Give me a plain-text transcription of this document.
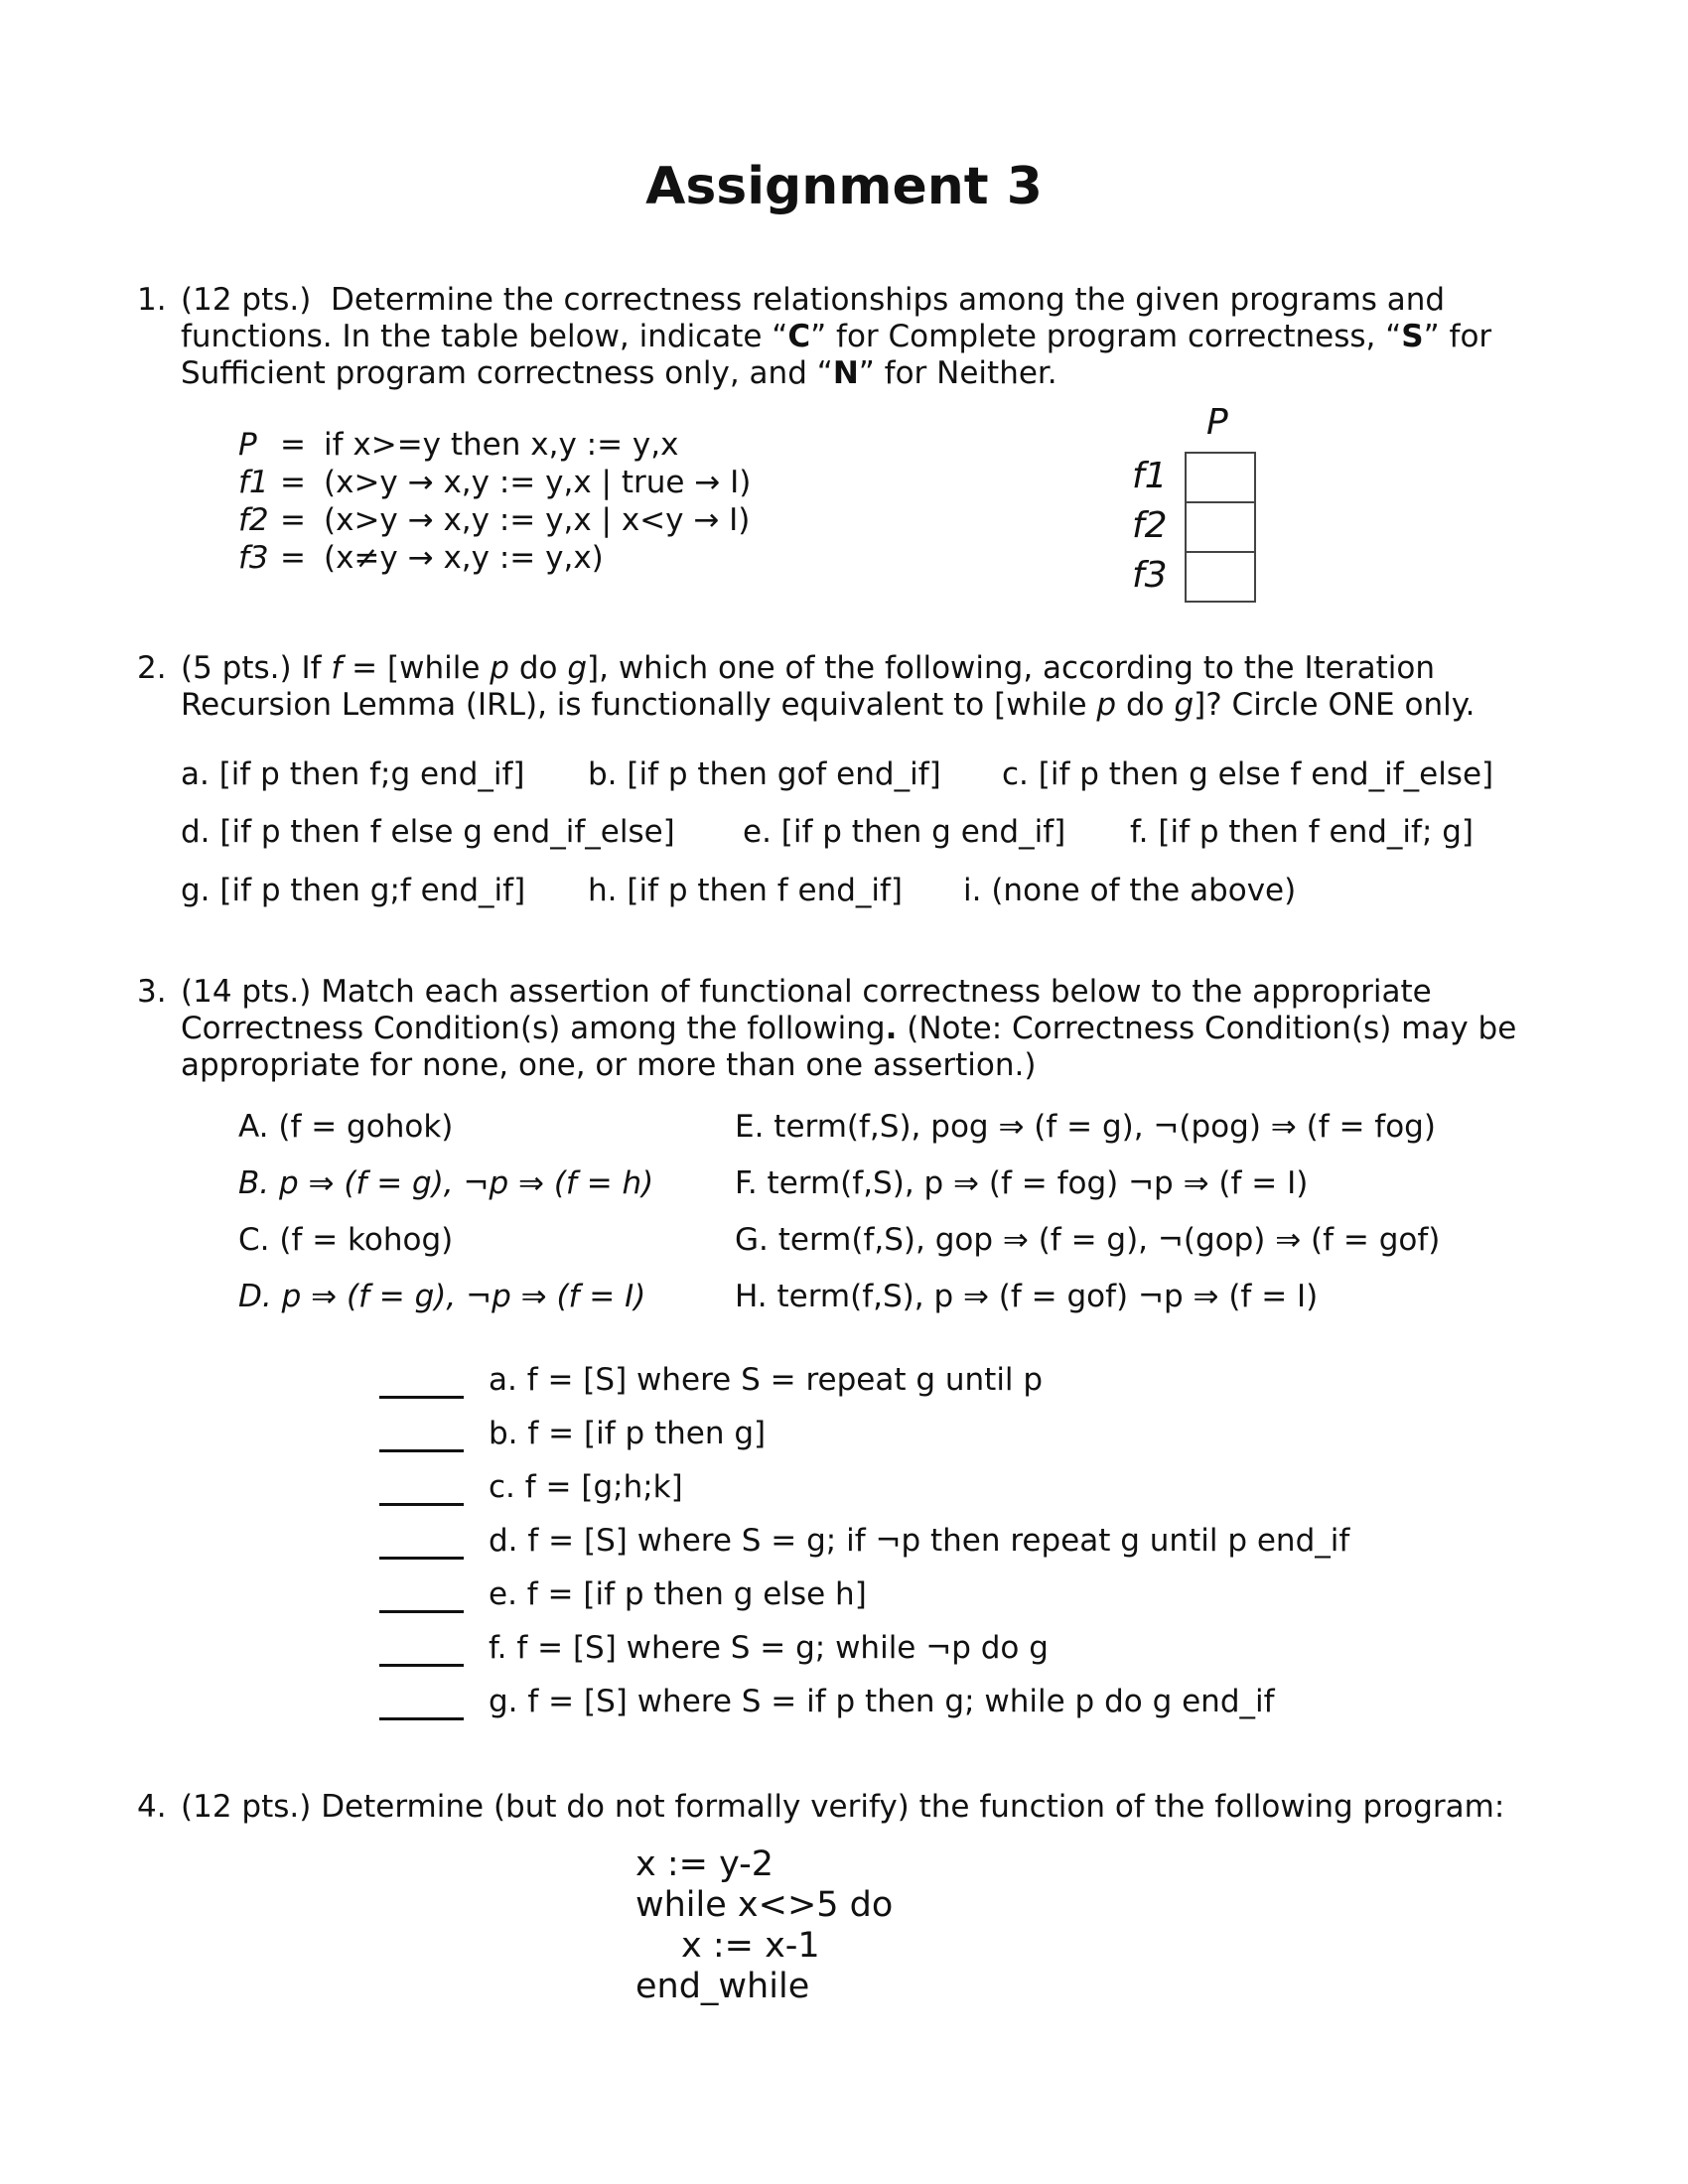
Assignment 3
1. (12 pts.) Determine the correctness relationships among the given programs and
functions. In the table below, indicate “C” for Complete program correctness, “S” for
Sufficient program correctness only, and “N” for Neither.
P = if x>=y then x,y := y,x
f1 = (x>y → x,y := y,x | true → I)
f2 = (x>y → x,y := y,x | x<y → I)
f3 = (x≠y → x,y := y,x)
P
f1
f2
f3
2. (5 pts.) If f = [while p do g], which one of the following, according to the Iteration
Recursion Lemma (IRL), is functionally equivalent to [while p do g]? Circle ONE only.
a. [if p then f;g end_if] b. [if p then gof end_if] c. [if p then g else f end_if_else]
d. [if p then f else g end_if_else] e. [if p then g end_if] f. [if p then f end_if; g]
g. [if p then g;f end_if] h. [if p then f end_if] i. (none of the above)
3. (14 pts.) Match each assertion of functional correctness below to the appropriate
Correctness Condition(s) among the following. (Note: Correctness Condition(s) may be
appropriate for none, one, or more than one assertion.)
A. (f = gohok)
B. p ⇒ (f = g), ¬p ⇒ (f = h)
C. (f = kohog)
D. p ⇒ (f = g), ¬p ⇒ (f = I)
E. term(f,S), pog ⇒ (f = g), ¬(pog) ⇒ (f = fog)
F. term(f,S), p ⇒ (f = fog) ¬p ⇒ (f = I)
G. term(f,S), gop ⇒ (f = g), ¬(gop) ⇒ (f = gof)
H. term(f,S), p ⇒ (f = gof) ¬p ⇒ (f = I)
a. f = [S] where S = repeat g until p
b. f = [if p then g]
c. f = [g;h;k]
d. f = [S] where S = g; if ¬p then repeat g until p end_if
e. f = [if p then g else h]
f. f = [S] where S = g; while ¬p do g
g. f = [S] where S = if p then g; while p do g end_if
4. (12 pts.) Determine (but do not formally verify) the function of the following program:
x := y-2
while x<>5 do
x := x-1
end_while
